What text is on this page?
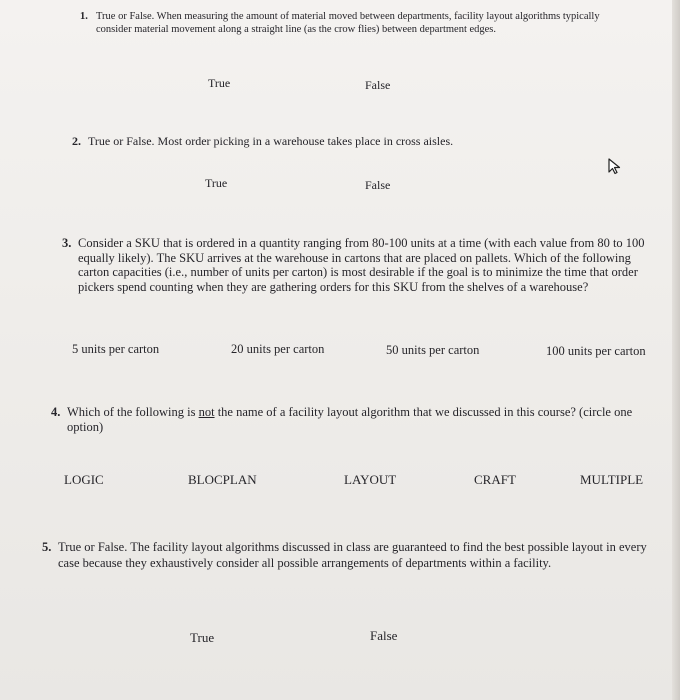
1. True or False. When measuring the amount of material moved between departments, facility layout algorithms typically consider material movement along a straight line (as the crow flies) between department edges.
True	False
2. True or False. Most order picking in a warehouse takes place in cross aisles.
True	False
3. Consider a SKU that is ordered in a quantity ranging from 80-100 units at a time (with each value from 80 to 100 equally likely). The SKU arrives at the warehouse in cartons that are placed on pallets. Which of the following carton capacities (i.e., number of units per carton) is most desirable if the goal is to minimize the time that order pickers spend counting when they are gathering orders for this SKU from the shelves of a warehouse?
5 units per carton	20 units per carton	50 units per carton	100 units per carton
4. Which of the following is not the name of a facility layout algorithm that we discussed in this course? (circle one option)
LOGIC	BLOCPLAN	LAYOUT	CRAFT	MULTIPLE
5. True or False. The facility layout algorithms discussed in class are guaranteed to find the best possible layout in every case because they exhaustively consider all possible arrangements of departments within a facility.
True	False
